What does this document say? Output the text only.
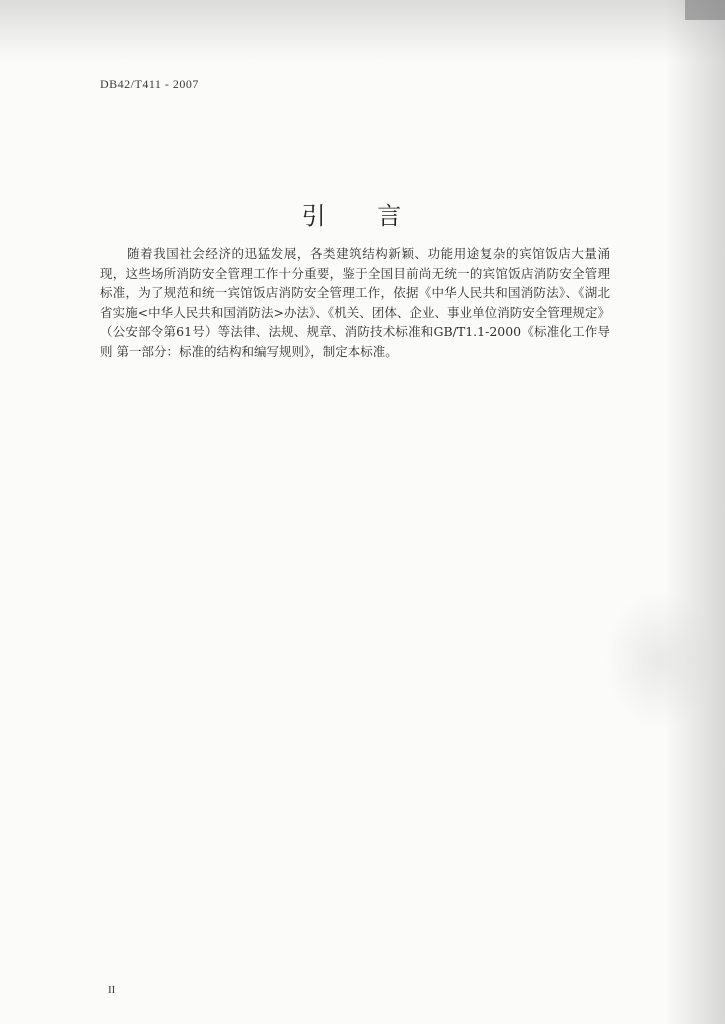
DB42/T411 - 2007
引 言

随着我国社会经济的迅猛发展，各类建筑结构新颖、功能用途复杂的宾馆饭店大量涌现，这些场所消防安全管理工作十分重要，鉴于全国目前尚无统一的宾馆饭店消防安全管理标准，为了规范和统一宾馆饭店消防安全管理工作，依据《中华人民共和国消防法》、《湖北省实施<中华人民共和国消防法>办法》、《机关、团体、企业、事业单位消防安全管理规定》（公安部令第61号）等法律、法规、规章、消防技术标准和GB/T1.1-2000《标准化工作导则 第一部分：标准的结构和编写规则》，制定本标准。

II
